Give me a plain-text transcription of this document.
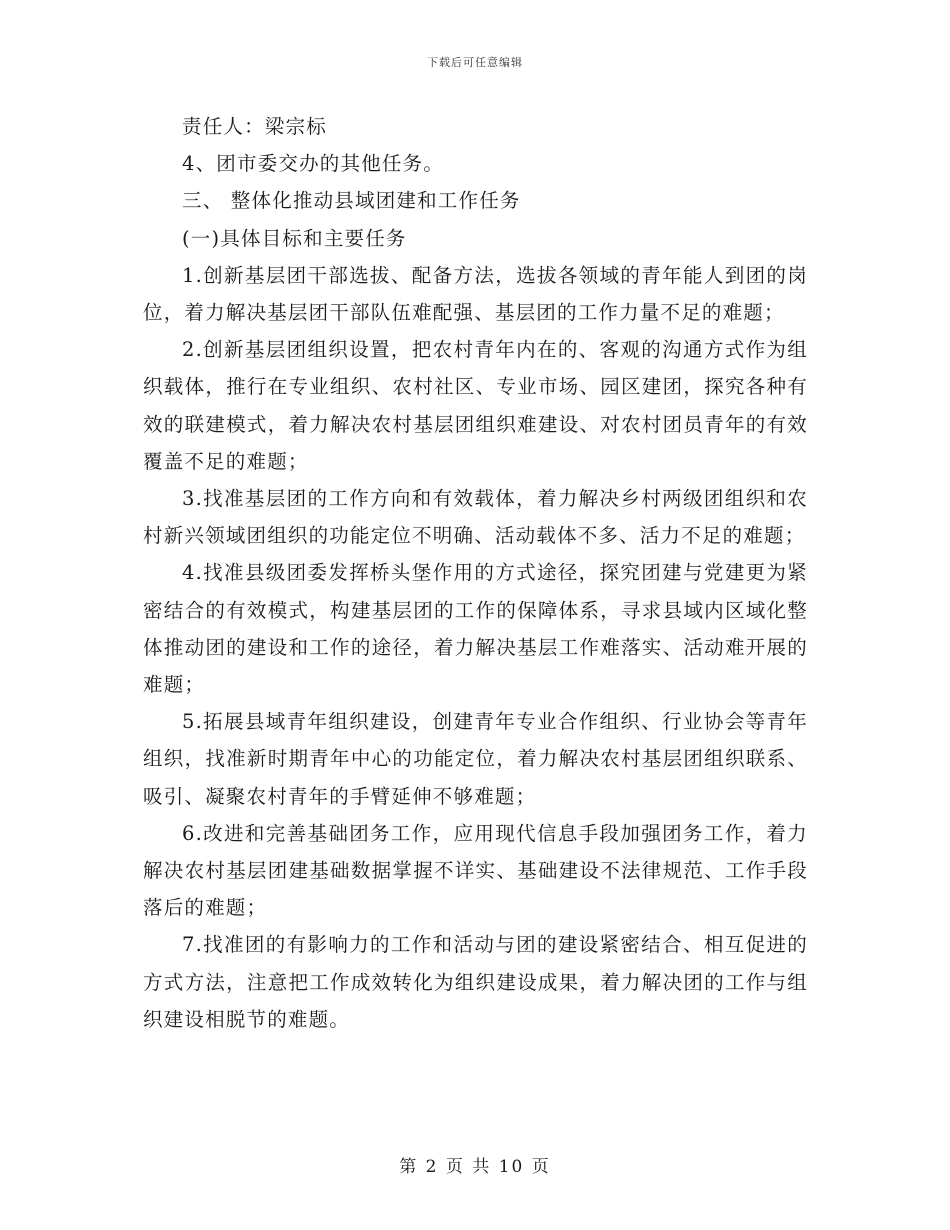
下载后可任意编辑

责任人：梁宗标

4、团市委交办的其他任务。

三、 整体化推动县域团建和工作任务

(一)具体目标和主要任务

1.创新基层团干部选拔、配备方法，选拔各领域的青年能人到团的岗位，着力解决基层团干部队伍难配强、基层团的工作力量不足的难题；

2.创新基层团组织设置，把农村青年内在的、客观的沟通方式作为组织载体，推行在专业组织、农村社区、专业市场、园区建团，探究各种有效的联建模式，着力解决农村基层团组织难建设、对农村团员青年的有效覆盖不足的难题；

3.找准基层团的工作方向和有效载体，着力解决乡村两级团组织和农村新兴领域团组织的功能定位不明确、活动载体不多、活力不足的难题；

4.找准县级团委发挥桥头堡作用的方式途径，探究团建与党建更为紧密结合的有效模式，构建基层团的工作的保障体系，寻求县域内区域化整体推动团的建设和工作的途径，着力解决基层工作难落实、活动难开展的难题；

5.拓展县域青年组织建设，创建青年专业合作组织、行业协会等青年组织，找准新时期青年中心的功能定位，着力解决农村基层团组织联系、吸引、凝聚农村青年的手臂延伸不够难题；

6.改进和完善基础团务工作，应用现代信息手段加强团务工作，着力解决农村基层团建基础数据掌握不详实、基础建设不法律规范、工作手段落后的难题；

7.找准团的有影响力的工作和活动与团的建设紧密结合、相互促进的方式方法，注意把工作成效转化为组织建设成果，着力解决团的工作与组织建设相脱节的难题。

第 2 页 共 10 页
